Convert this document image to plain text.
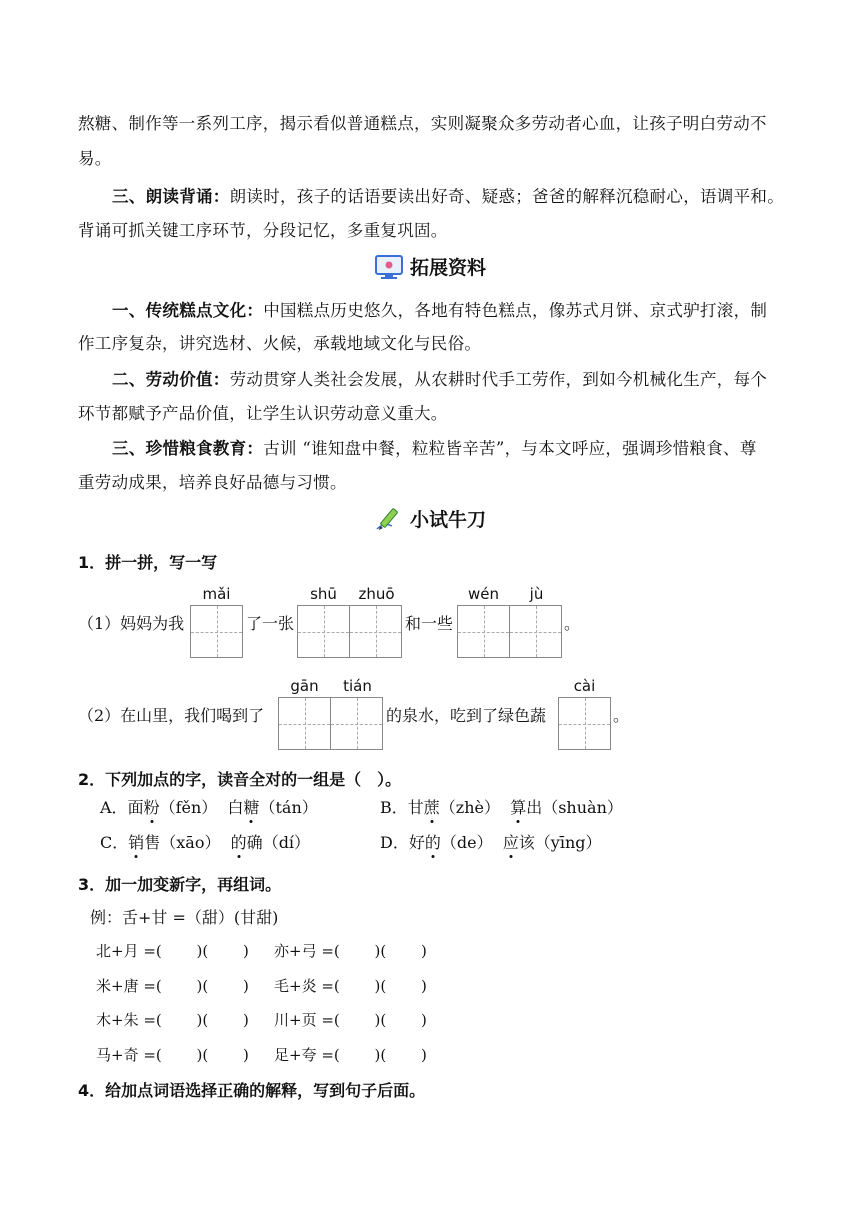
熬糖、制作等一系列工序，揭示看似普通糕点，实则凝聚众多劳动者心血，让孩子明白劳动不
易。
三、朗读背诵：朗读时，孩子的话语要读出好奇、疑惑；爸爸的解释沉稳耐心，语调平和。
背诵可抓关键工序环节，分段记忆，多重复巩固。
拓展资料
一、传统糕点文化：中国糕点历史悠久，各地有特色糕点，像苏式月饼、京式驴打滚，制
作工序复杂，讲究选材、火候，承载地域文化与民俗。
二、劳动价值：劳动贯穿人类社会发展，从农耕时代手工劳作，到如今机械化生产，每个
环节都赋予产品价值，让学生认识劳动意义重大。
三、珍惜粮食教育：古训 “谁知盘中餐，粒粒皆辛苦”，与本文呼应，强调珍惜粮食、尊
重劳动成果，培养良好品德与习惯。
小试牛刀
1．拼一拼，写一写
mǎi	shū	zhuō	wén	jù
（1）妈妈为我	了一张	和一些	。
gān	tián	cài
（2）在山里，我们喝到了	的泉水，吃到了绿色蔬	。
2．下列加点的字，读音全对的一组是（　）。
A．面粉（fěn） 白糖（tán）	B．甘蔗（zhè） 算出（shuàn）
C．销售（xāo） 的确（dí）	D．好的（de） 应该（yīng）
3．加一加变新字，再组词。
例：舌+甘 =（甜）(甘甜)
北+月 =(　　 )(　　 ) 亦+弓 =(　　 )(　　 )
米+唐 =(　　 )(　　 ) 毛+炎 =(　　 )(　　 )
木+朱 =(　　 )(　　 ) 川+页 =(　　 )(　　 )
马+奇 =(　　 )(　　 ) 足+夸 =(　　 )(　　 )
4．给加点词语选择正确的解释，写到句子后面。
